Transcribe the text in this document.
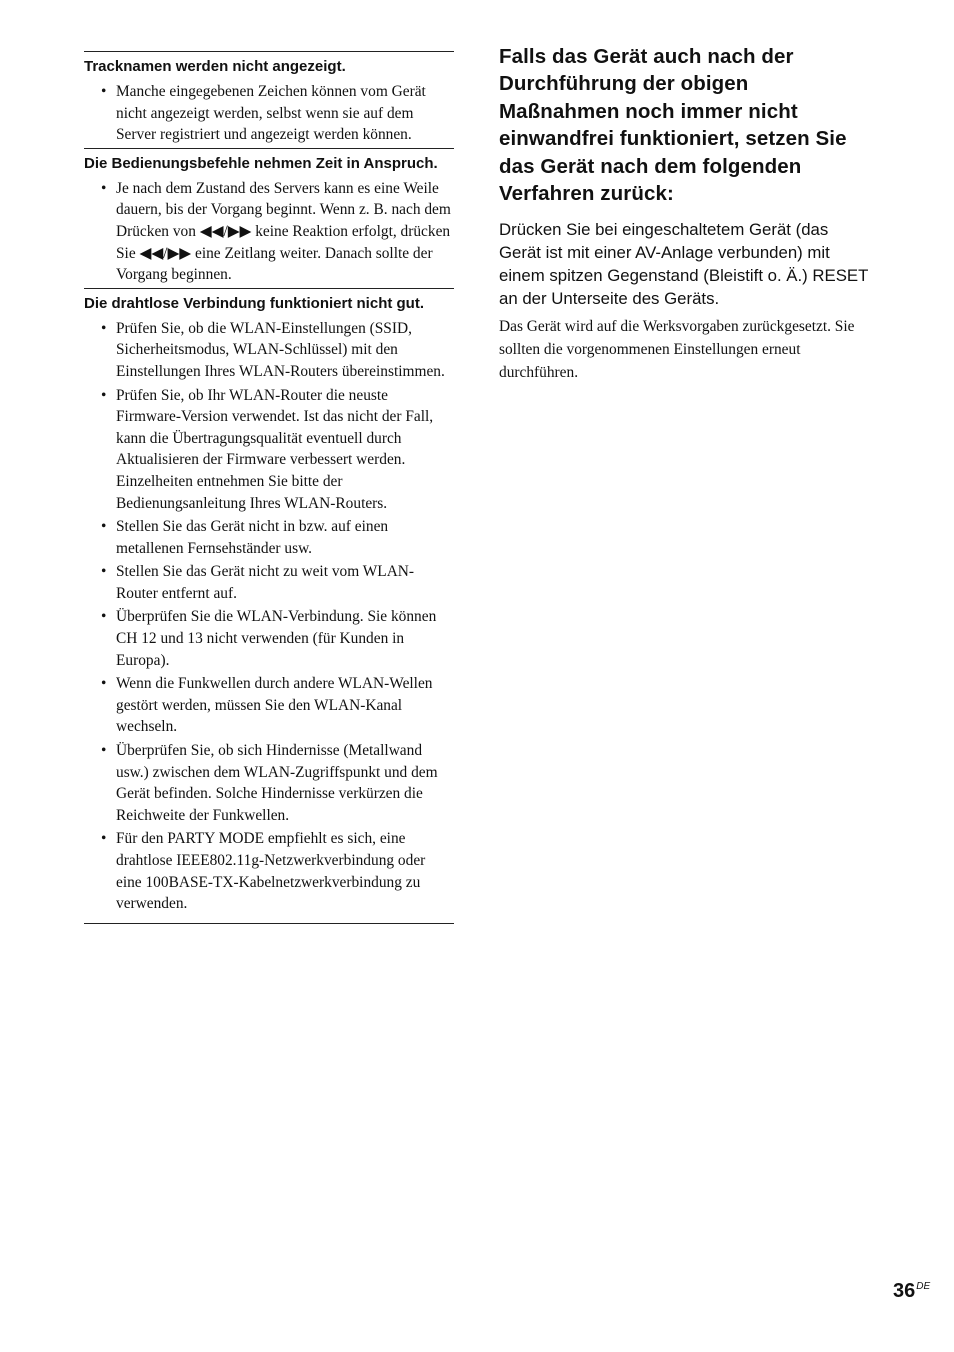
Tracknamen werden nicht angezeigt.
• Manche eingegebenen Zeichen können vom Gerät nicht angezeigt werden, selbst wenn sie auf dem Server registriert und angezeigt werden können.
Die Bedienungsbefehle nehmen Zeit in Anspruch.
• Je nach dem Zustand des Servers kann es eine Weile dauern, bis der Vorgang beginnt. Wenn z. B. nach dem Drücken von ◀◀/▶▶ keine Reaktion erfolgt, drücken Sie ◀◀/▶▶ eine Zeitlang weiter. Danach sollte der Vorgang beginnen.
Die drahtlose Verbindung funktioniert nicht gut.
• Prüfen Sie, ob die WLAN-Einstellungen (SSID, Sicherheitsmodus, WLAN-Schlüssel) mit den Einstellungen Ihres WLAN-Routers übereinstimmen.
• Prüfen Sie, ob Ihr WLAN-Router die neuste Firmware-Version verwendet. Ist das nicht der Fall, kann die Übertragungsqualität eventuell durch Aktualisieren der Firmware verbessert werden. Einzelheiten entnehmen Sie bitte der Bedienungsanleitung Ihres WLAN-Routers.
• Stellen Sie das Gerät nicht in bzw. auf einen metallenen Fernsehständer usw.
• Stellen Sie das Gerät nicht zu weit vom WLAN-Router entfernt auf.
• Überprüfen Sie die WLAN-Verbindung. Sie können CH 12 und 13 nicht verwenden (für Kunden in Europa).
• Wenn die Funkwellen durch andere WLAN-Wellen gestört werden, müssen Sie den WLAN-Kanal wechseln.
• Überprüfen Sie, ob sich Hindernisse (Metallwand usw.) zwischen dem WLAN-Zugriffspunkt und dem Gerät befinden. Solche Hindernisse verkürzen die Reichweite der Funkwellen.
• Für den PARTY MODE empfiehlt es sich, eine drahtlose IEEE802.11g-Netzwerkverbindung oder eine 100BASE-TX-Kabelnetzwerkverbindung zu verwenden.
Falls das Gerät auch nach der Durchführung der obigen Maßnahmen noch immer nicht einwandfrei funktioniert, setzen Sie das Gerät nach dem folgenden Verfahren zurück:

Drücken Sie bei eingeschaltetem Gerät (das Gerät ist mit einer AV-Anlage verbunden) mit einem spitzen Gegenstand (Bleistift o. Ä.) RESET an der Unterseite des Geräts.

Das Gerät wird auf die Werksvorgaben zurückgesetzt. Sie sollten die vorgenommenen Einstellungen erneut durchführen.

36DE
